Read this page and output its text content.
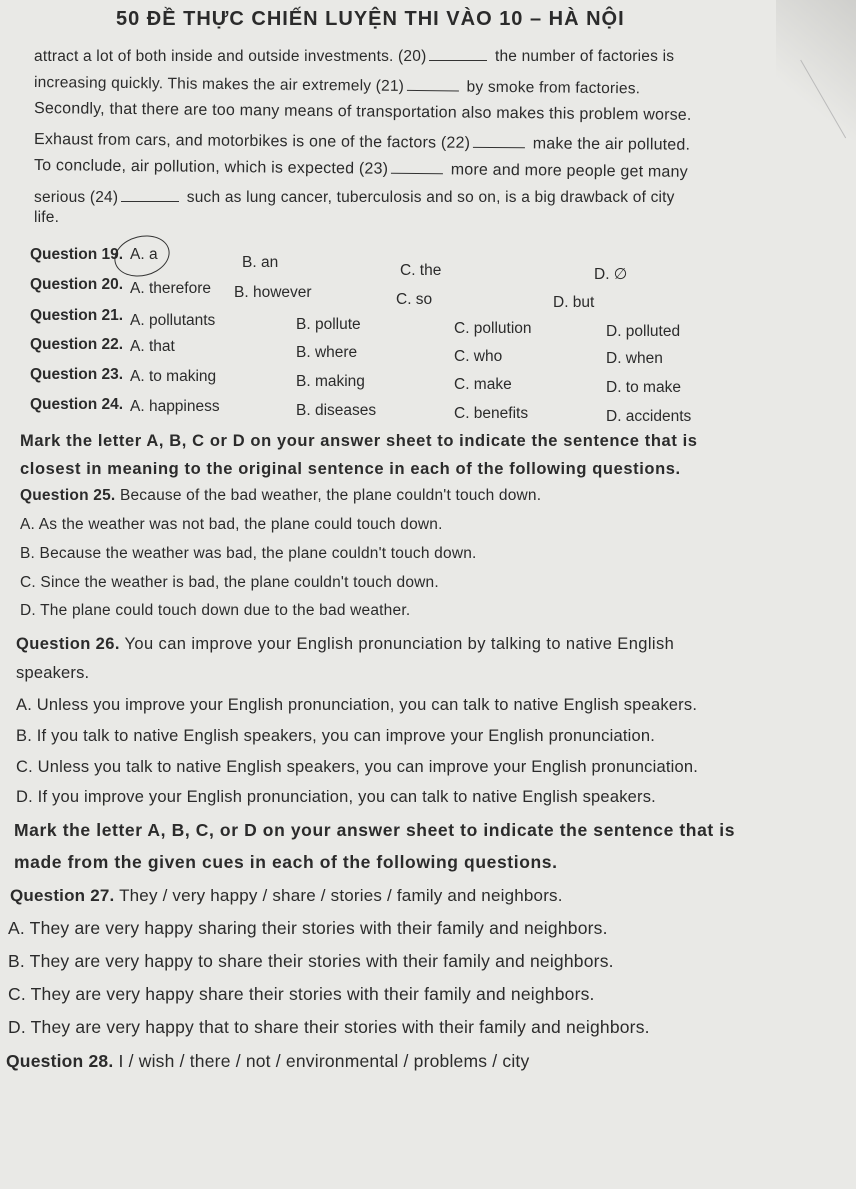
50 ĐỀ THỰC CHIẾN LUYỆN THI VÀO 10 – HÀ NỘI
attract a lot of both inside and outside investments. (20)	the number of factories is
increasing quickly. This makes the air extremely (21)	by smoke from factories.
Secondly, that there are too many means of transportation also makes this problem worse.
Exhaust from cars, and motorbikes is one of the factors (22)	make the air polluted.
To conclude, air pollution, which is expected (23)	more and more people get many
serious (24)	such as lung cancer, tuberculosis and so on, is a big drawback of city
life.
Question 19. A. a	B. an	C. the	D. ∅
Question 20. A. therefore B. however	C. so	D. but
Question 21. A. pollutants	B. pollute	C. pollution	D. polluted
Question 22. A. that	B. where	C. who	D. when
Question 23. A. to making	B. making	C. make	D. to make
Question 24. A. happiness	B. diseases	C. benefits	D. accidents
Mark the letter A, B, C or D on your answer sheet to indicate the sentence that is
closest in meaning to the original sentence in each of the following questions.
Question 25. Because of the bad weather, the plane couldn't touch down.
A. As the weather was not bad, the plane could touch down.
B. Because the weather was bad, the plane couldn't touch down.
C. Since the weather is bad, the plane couldn't touch down.
D. The plane could touch down due to the bad weather.
Question 26. You can improve your English pronunciation by talking to native English
speakers.
A. Unless you improve your English pronunciation, you can talk to native English speakers.
B. If you talk to native English speakers, you can improve your English pronunciation.
C. Unless you talk to native English speakers, you can improve your English pronunciation.
D. If you improve your English pronunciation, you can talk to native English speakers.
Mark the letter A, B, C, or D on your answer sheet to indicate the sentence that is
made from the given cues in each of the following questions.
Question 27. They / very happy / share / stories / family and neighbors.
A. They are very happy sharing their stories with their family and neighbors.
B. They are very happy to share their stories with their family and neighbors.
C. They are very happy share their stories with their family and neighbors.
D. They are very happy that to share their stories with their family and neighbors.
Question 28. I / wish / there / not / environmental / problems / city
